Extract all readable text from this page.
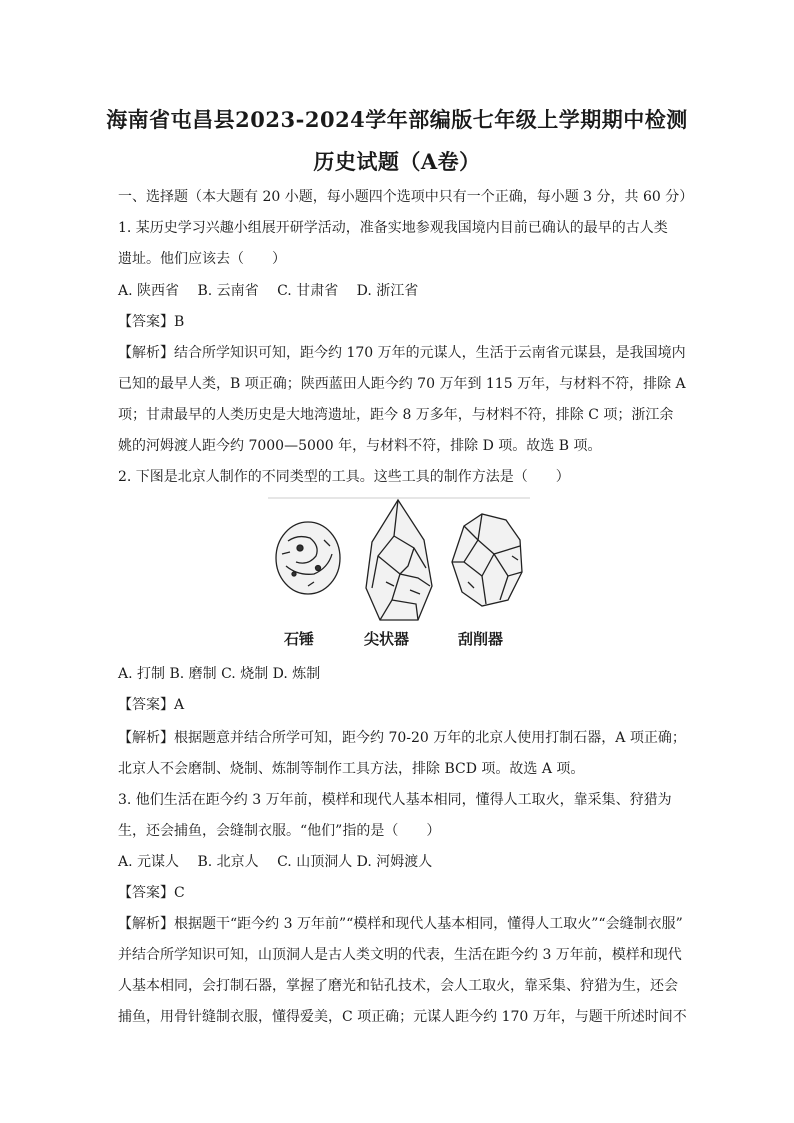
海南省屯昌县2023-2024学年部编版七年级上学期期中检测
历史试题（A卷）
一、选择题（本大题有 20 小题，每小题四个选项中只有一个正确，每小题 3 分，共 60 分）
1. 某历史学习兴趣小组展开研学活动，准备实地参观我国境内目前已确认的最早的古人类
遗址。他们应该去（　　）
A. 陕西省　 B. 云南省　 C. 甘肃省　 D. 浙江省
【答案】B
【解析】结合所学知识可知，距今约 170 万年的元谋人，生活于云南省元谋县，是我国境内
已知的最早人类，B 项正确；陕西蓝田人距今约 70 万年到 115 万年，与材料不符，排除 A
项；甘肃最早的人类历史是大地湾遗址，距今 8 万多年，与材料不符，排除 C 项；浙江余
姚的河姆渡人距今约 7000—5000 年，与材料不符，排除 D 项。故选 B 项。
2. 下图是北京人制作的不同类型的工具。这些工具的制作方法是（　　）
石锤	尖状器	刮削器
A. 打制 B. 磨制 C. 烧制 D. 炼制
【答案】A
【解析】根据题意并结合所学可知，距今约 70-20 万年的北京人使用打制石器，A 项正确；
北京人不会磨制、烧制、炼制等制作工具方法，排除 BCD 项。故选 A 项。
3. 他们生活在距今约 3 万年前，模样和现代人基本相同，懂得人工取火，靠采集、狩猎为
生，还会捕鱼，会缝制衣服。“他们”指的是（　　）
A. 元谋人　 B. 北京人　 C. 山顶洞人 D. 河姆渡人
【答案】C
【解析】根据题干“距今约 3 万年前”“模样和现代人基本相同，懂得人工取火”“会缝制衣服”
并结合所学知识可知，山顶洞人是古人类文明的代表，生活在距今约 3 万年前，模样和现代
人基本相同，会打制石器，掌握了磨光和钻孔技术，会人工取火，靠采集、狩猎为生，还会
捕鱼，用骨针缝制衣服，懂得爱美，C 项正确；元谋人距今约 170 万年，与题干所述时间不
